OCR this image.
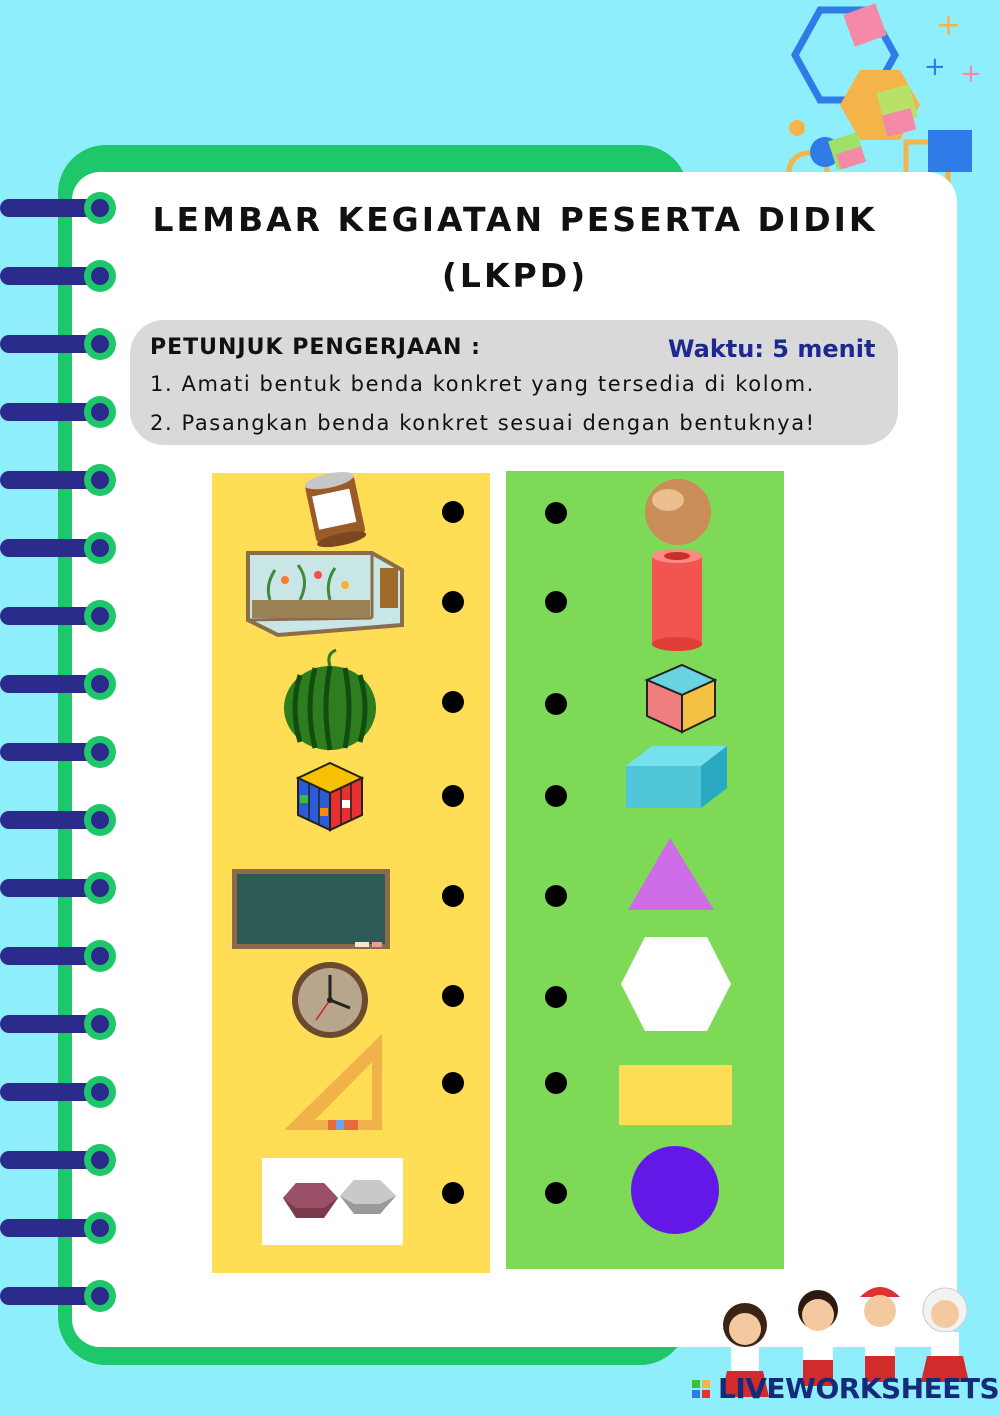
+
+ +

LEMBAR KEGIATAN PESERTA DIDIK

(LKPD)

PETUNJUK PENGERJAAN :	Waktu: 5 menit

1. Amati bentuk benda konkret yang tersedia di kolom.

2. Pasangkan benda konkret sesuai dengan bentuknya!

LIVEWORKSHEETS
